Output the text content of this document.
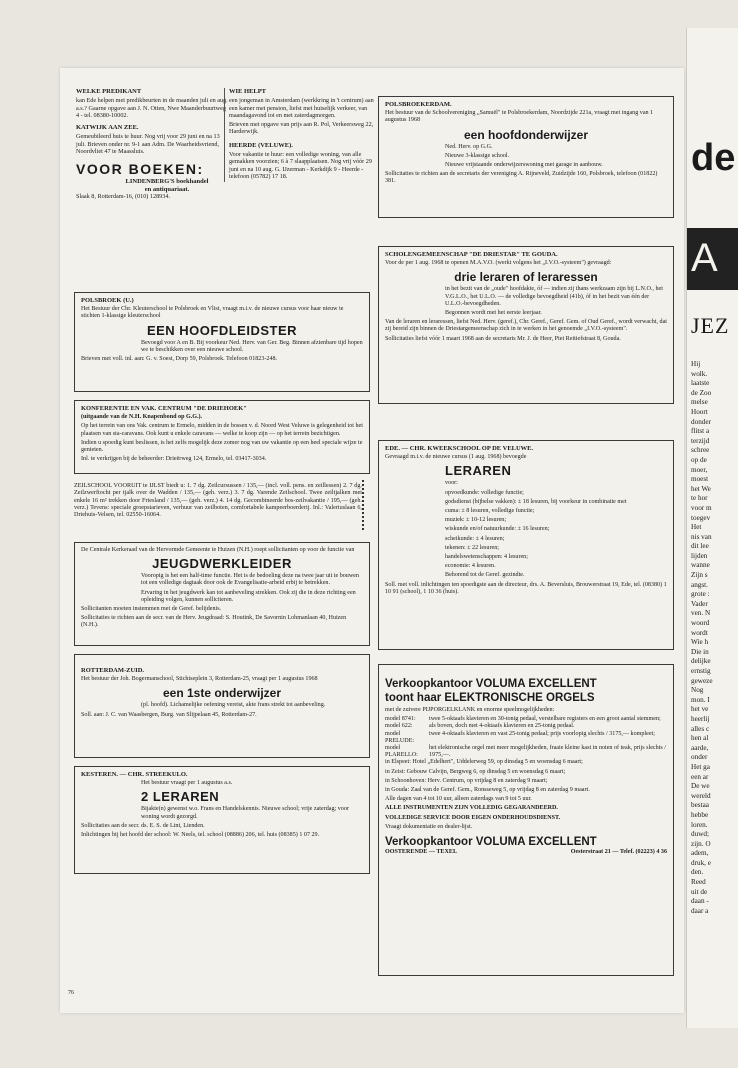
WELKE PREDIKANT

kan Ede helpen met predikbeurten in de maanden juli en aug. a.s.? Gaarne opgave aan J. N. Otten, Nwe Maanderbuurtweg 4 - tel. 08380-10002.

KATWIJK AAN ZEE.

Gemeubileerd huis te huur. Nog vrij voor 29 juni en na 13 juli. Brieven onder nr. 9-1 aan Adm. De Waarheidsvriend, Noordvliet 47 te Maassluis.

VOOR BOEKEN:
LINDENBERG'S boekhandel
en antiquariaat.
Slaak 8, Rotterdam-16, (010) 128934.
WIE HELPT

een jongeman in Amsterdam (werkkring in 't centrum) aan een kamer met pension, liefst met huiselijk verkeer, van maandagavond tot en met zaterdagmorgen.

Brieven met opgave van prijs aan R. Pol, Verkeersweg 22, Harderwijk.

HEERDE (VELUWE).

Voor vakantie te huur: een volledige woning, van alle gemakken voorzien; 6 à 7 slaapplaatsen. Nog vrij vóór 29 juni en na 10 aug. G. IJzerman - Kerkdijk 9 - Heerde - telefoon (05782) 17 18.

POLSBROEK (U.)

Het Bestuur der Chr. Kleuterschool te Polsbroek en Vlist, vraagt m.i.v. de nieuwe cursus voor haar nieuw te stichten 1-klassige kleuterschool

EEN HOOFDLEIDSTER

Bevoegd voor A en B. Bij voorkeur Ned. Herv. van Ger. Beg. Binnen afzienbare tijd hopen we te beschikken over een nieuwe school.

Brieven met voll. inl. aan: G. v. Soest, Dorp 59, Polsbroek. Telefoon 01823-248.

KONFERENTIE EN VAK. CENTRUM "DE DRIEHOEK"
(uitgaande van de N.H. Knapenbond op G.G.).

Op het terrein van ons Vak. centrum te Ermelo, midden in de bossen v. d. Noord West Veluwe is gelegenheid tot het plaatsen van sta-caravans. Ook kunt u enkele caravans — welke te koop zijn — op het terrein bezichtigen.

Indien u spoedig kunt beslissen, is het zelfs mogelijk deze zomer nog van uw vakantie op een heel speciale wijze te genieten.

Inl. te verkrijgen bij de beheerder: Drieërweg 124, Ermelo, tel. 03417-3034.

ZEILSCHOOL VOORUIT te IJLST biedt u: 1. 7 dg. Zeilcursussen / 135,— (incl. voll. pens. en zeillessen) 2. 7 dg. Zeilzwerftocht per tjalk over de Wadden / 135,— (geh. verz.) 3. 7 dg. Varende Zeilschool. Twee zeiltjalken met enkele 16 m² trekken door Friesland / 135,— (geh. verz.) 4. 14 dg. Gecombineerde bos-zeilvakantie / 195,— (geh. verz.) Tevens: speciale groepstarieven, verhuur van zeilboten, comfortabele kampeerboerderij. Inl.: Valeriuslaan 6, Driehuis-Velsen, tel. 02550-16064.

De Centrale Kerkeraad van de Hervormde Gemeente te Huizen (N.H.) roept sollicitanten op voor de functie van

JEUGDWERKLEIDER

Vooropig is het een half-time functie. Het is de bedoeling deze na twee jaar uit te bouwen tot een volledige dagtaak door ook de Evangelisatie-arbeid erbij te betrekken.

Ervaring in het jeugdwerk kan tot aanbeveling strekken. Ook zij die in deze richting een opleiding volgen, kunnen solliciteren.

Sollicitanten moeten instemmen met de Geref. belijdenis.

Sollicitaties te richten aan de secr. van de Herv. Jeugdraad: S. Houtink, De Savornin Lohmanlaan 40, Huizen (N.H.).

ROTTERDAM-ZUID.

Het bestuur der Joh. Bogermanschool, Stichtseplein 3, Rotterdam-25, vraagt per 1 augustus 1968

een 1ste onderwijzer

(pl. hoofd). Lichamelijke oefening vereist, akte frans strekt tot aanbeveling.

Soll. aan: J. C. van Waasbergen, Burg. van Slijpelaan 45, Rotterdam-27.

KESTEREN. — CHR. STREEKULO.

Het bestuur vraagt per 1 augustus a.s.

2 LERAREN

Bijakte(n) gewenst w.o. Frans en Handelskennis. Nieuwe school; vrije zaterdag; voor woning wordt gezorgd.

Sollicitaties aan de secr. ds. E. S. de Lint, Lienden.

Inlichtingen bij het hoofd der school: W. Neels, tel. school (08886) 206, tel. huis (08385) 1 07 29.

POLSBROEKERDAM.

Het bestuur van de Schoolvereniging „Samuël" te Polsbroekerdam, Noordzijde 221a, vraagt met ingang van 1 augustus 1968

een hoofdonderwijzer

Ned. Herv. op G.G.

Nieuwe 3-klassige school.

Nieuwe vrijstaande onderwijzerswoning met garage in aanbouw.

Sollicitaties te richten aan de secretaris der vereniging A. Rijneveld, Zuidzijde 160, Polsbroek, telefoon (01822) 381.

SCHOLENGEMEENSCHAP "DE DRIESTAR" TE GOUDA.

Voor de per 1 aug. 1968 te openen M.A.V.O. (werkt volgens het „I.V.O.-systeem") gevraagd:

drie leraren of leraressen

in het bezit van de „oude" hoofdakte, óf — indien zij thans werkzaam zijn bij L.N.O., het V.G.L.O., het U.L.O. — de volledige bevoegdheid (41b), óf in het bezit van één der U.L.O.-bevoegdheden.

Begonnen wordt met het eerste leerjaar.

Van de leraren en leraressen, liefst Ned. Herv. (geref.), Chr. Geref., Geref. Gem. of Oud Geref., wordt verwacht, dat zij bereid zijn binnen de Driestargemeenschap zich in te werken in het genoemde „I.V.O.-systeem".

Sollicitaties liefst vóór 1 maart 1968 aan de secretaris Mr. J. de Heer, Piet Reitiefstraat 8, Gouda.

EDE. — CHR. KWEEKSCHOOL OP DE VELUWE.

Gevraagd m.i.v. de nieuwe cursus (1 aug. 1968) bevoegde

LERAREN

voor:

opvoedkunde: volledige functie;

godsdienst (bijbelse vakken): ± 18 lesuren, bij voorkeur in combinatie met

cuma: ± 8 lesuren, volledige functie;

muziek: ± 10-12 lesuren;

wiskunde en/of natuurkunde: ± 16 lesuren;

scheikunde: ± 4 lesuren;

tekenen: ± 22 lesuren;

handelswetenschappen: 4 lesuren;

economie: 4 lesuren.

Behorend tot de Geref. gezindte.

Soll. met voll. inlichtingen ten spoedigste aan de directeur, drs. A. Beversluis, Brouwerstraat 19, Ede, tel. (08380) 1 10 91 (school), 1 10 36 (huis).

Verkoopkantoor VOLUMA EXCELLENT
toont haar ELEKTRONISCHE ORGELS

met de zuivere PIJPORGELKLANK en enorme speelmogelijkheden:

model 8741:	twee 5-oktaafs klavieren en 30-tonig pedaal, verstelbare registers en een groot aantal stemmen;
model 622:	als boven, doch met 4-oktaafs klavieren en 25-tonig pedaal.
model PRELUDE:
twee 4-oktaafs klavieren en vast 25-tonig pedaal; prijs voorlopig slechts / 3175,— kompleet;
model PLARELLO:
het elektronische orgel met meer mogelijkheden, fraaie kleine kast in noten of teak, prijs slechts / 1975,—.

in Elspeet: Hotel „Edelhert", Uddelerweg 59, op dinsdag 5 en woensdag 6 maart;

in Zeist: Gebouw Calvijn, Bergweg 6, op dinsdag 5 en woensdag 6 maart;

in Schoonhoven: Herv. Centrum, op vrijdag 8 en zaterdag 9 maart;

in Gouda: Zaal van de Geref. Gem., Ronsseweg 5, op vrijdag 8 en zaterdag 9 maart.

Alle dagen van 4 tot 10 uur, alleen zaterdags van 9 tot 5 uur.

ALLE INSTRUMENTEN ZIJN VOLLEDIG GEGARANDEERD.

VOLLEDIGE SERVICE DOOR EIGEN ONDERHOUDSDIENST.

Vraagt dokumentatie en dealer-lijst.

Verkoopkantoor VOLUMA EXCELLENT
OOSTERENDE — TEXEL	Oesterstraat 21 — Telef. (02223) 4 36
76
de
A
JEZ
Hij
wolk.
laatste
de Zoo
melse
Hoort
donder
flitst a
terzijd
schree
op de
moer,
moest
het We
te hor
voor m
toegev
Het
nis van
dit lee
lijden
wanne
Zijn s
angst.
grote :
Vader
ven. N
woord
wordt
Wie h
Die in
delijke
ernstig
geweze
Nog
mon. I
het ve
heerlij
alles c
hen al
aarde,
onder
Het ga
een ar
De we
wereld
bestaa
hebbe
loren.
duwd;
zijn. O
adem,
druk, e
den.
Reed
uit de
daan -
daar a
